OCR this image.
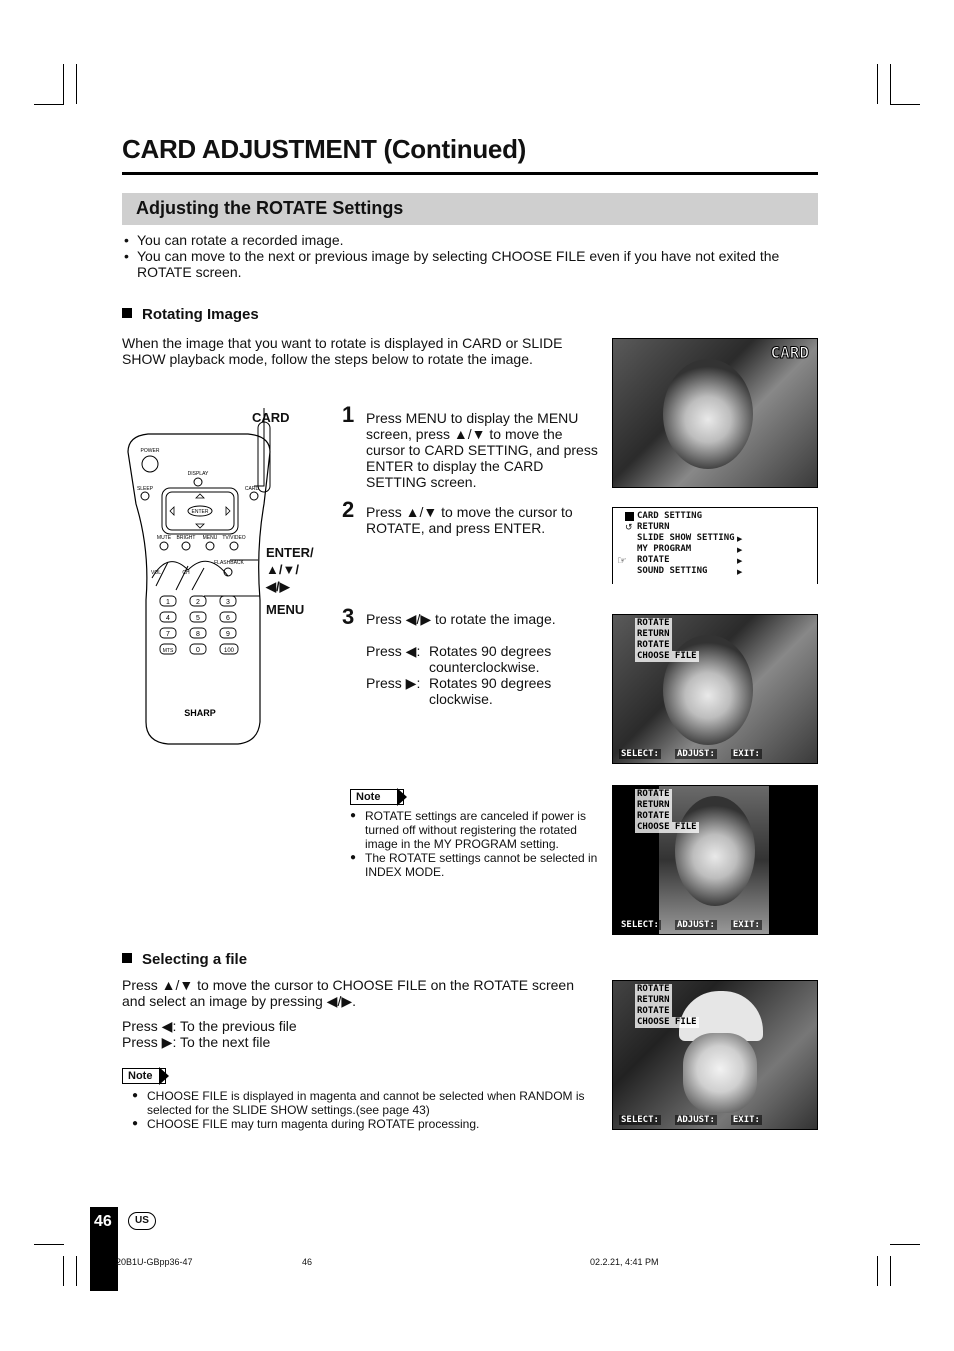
CARD ADJUSTMENT (Continued)
Adjusting the ROTATE Settings
• You can rotate a recorded image.
• You can move to the next or previous image by selecting CHOOSE FILE even if you have not exited the ROTATE screen.
Rotating Images

When the image that you want to rotate is displayed in CARD or SLIDE SHOW playback mode, follow the steps below to rotate the image.

CARD
ENTER/
▲/▼/
◀/▶
MENU
POWER
DISPLAY
SLEEP	CARD
ENTER
MUTE BRIGHT MENU TV/VIDEO
FLASHBACK
VOL	CH
1	2	3
4	5	6
7	8	9
MTS	0	100
SHARP
1 Press MENU to display the MENU screen, press ▲/▼ to move the cursor to CARD SETTING, and press ENTER to display the CARD SETTING screen.

2 Press ▲/▼ to move the cursor to ROTATE, and press ENTER.

3 Press ◀/▶ to rotate the image.

Press ◀: Rotates 90 degrees counterclockwise.
Press ▶: Rotates 90 degrees clockwise.
Note
● ROTATE settings are canceled if power is turned off without registering the rotated image in the MY PROGRAM setting.
● The ROTATE settings cannot be selected in INDEX MODE.
CARD
CARD SETTING
↺ RETURN
SLIDE SHOW SETTING ▶
MY PROGRAM	▶
☞ ROTATE	▶
SOUND SETTING	▶
ROTATE
RETURN
ROTATE
CHOOSE FILE
SELECT: ADJUST: EXIT:
ROTATE
RETURN
ROTATE
CHOOSE FILE
SELECT: ADJUST: EXIT:
ROTATE
RETURN
ROTATE
CHOOSE FILE
SELECT: ADJUST: EXIT:
Selecting a file

Press ▲/▼ to move the cursor to CHOOSE FILE on the ROTATE screen and select an image by pressing ◀/▶.

Press ◀: To the previous file

Press ▶: To the next file

Note
● CHOOSE FILE is displayed in magenta and cannot be selected when RANDOM is selected for the SLIDE SHOW settings.(see page 43)
● CHOOSE FILE may turn magenta during ROTATE processing.
46	US
20B1U-GBpp36-47	46	02.2.21, 4:41 PM
